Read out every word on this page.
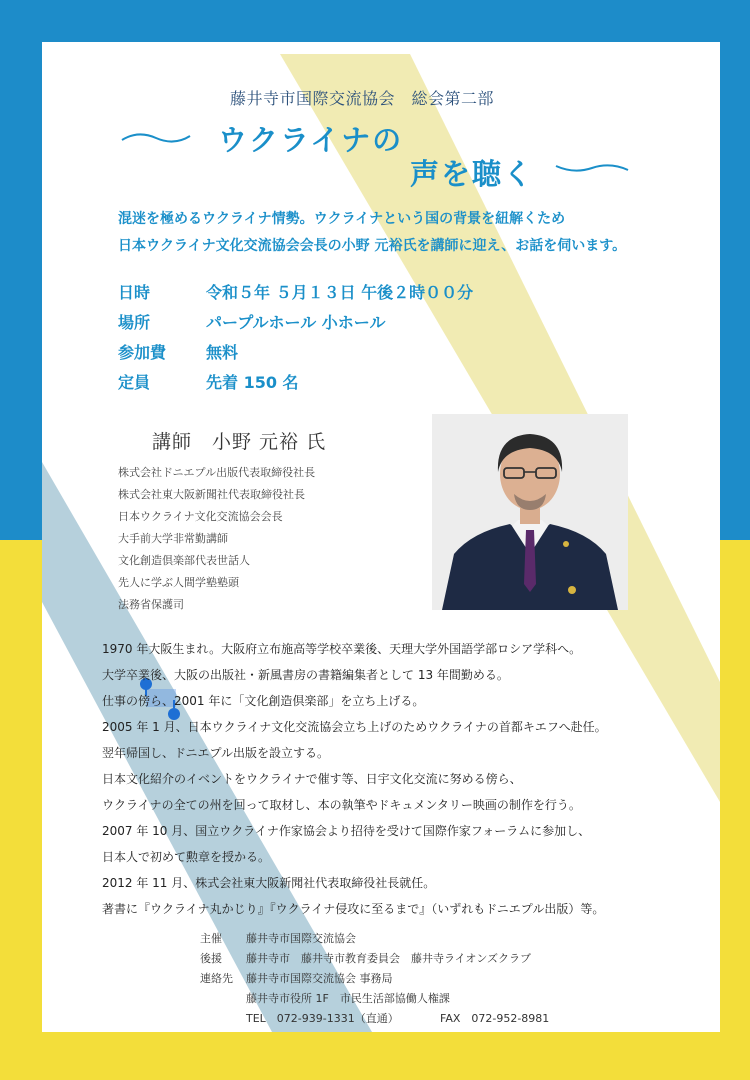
藤井寺市国際交流協会　総会第二部
ウクライナの
声を聴く
混迷を極めるウクライナ情勢。ウクライナという国の背景を紐解くため
日本ウクライナ文化交流協会会長の小野 元裕氏を講師に迎え、お話を伺います。
日時	令和５年 ５月１３日 午後２時００分
場所	パープルホール 小ホール
参加費 無料
定員	先着 150 名
講師　小野 元裕 氏
株式会社ドニエプル出版代表取締役社長
株式会社東大阪新聞社代表取締役社長
日本ウクライナ文化交流協会会長
大手前大学非常勤講師
文化創造倶楽部代表世話人
先人に学ぶ人間学塾塾頭
法務省保護司
1970 年大阪生まれ。大阪府立布施高等学校卒業後、天理大学外国語学部ロシア学科へ。
大学卒業後、大阪の出版社・新風書房の書籍編集者として 13 年間勤める。
仕事の傍ら、2001 年に「文化創造倶楽部」を立ち上げる。
2005 年 1 月、日本ウクライナ文化交流協会立ち上げのためウクライナの首都キエフへ赴任。
翌年帰国し、ドニエプル出版を設立する。
日本文化紹介のイベントをウクライナで催す等、日宇文化交流に努める傍ら、
ウクライナの全ての州を回って取材し、本の執筆やドキュメンタリー映画の制作を行う。
2007 年 10 月、国立ウクライナ作家協会より招待を受けて国際作家フォーラムに参加し、
日本人で初めて勲章を授かる。
2012 年 11 月、株式会社東大阪新聞社代表取締役社長就任。
著書に『ウクライナ丸かじり』『ウクライナ侵攻に至るまで』（いずれもドニエプル出版）等。
主催 藤井寺市国際交流協会
後援 藤井寺市　藤井寺市教育委員会　藤井寺ライオンズクラブ
連絡先 藤井寺市国際交流協会 事務局
藤井寺市役所 1F　市民生活部協働人権課
TEL　072-939-1331（直通）	FAX　072-952-8981
